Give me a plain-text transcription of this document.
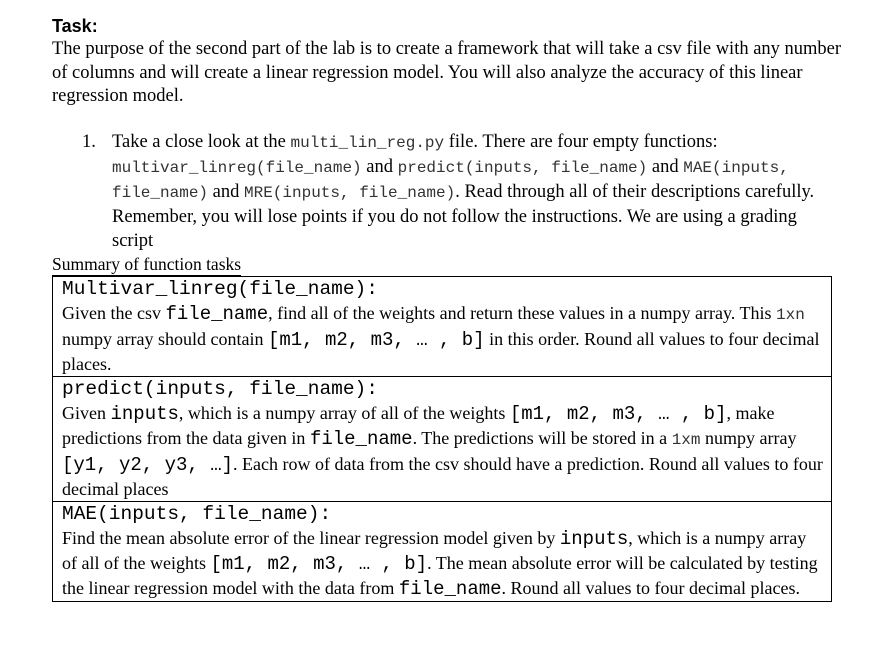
Task:

The purpose of the second part of the lab is to create a framework that will take a csv file with any number of columns and will create a linear regression model. You will also analyze the accuracy of this linear regression model.

1. Take a close look at the multi_lin_reg.py file. There are four empty functions: multivar_linreg(file_name) and predict(inputs, file_name) and MAE(inputs, file_name) and MRE(inputs, file_name). Read through all of their descriptions carefully. Remember, you will lose points if you do not follow the instructions. We are using a grading script

Summary of function tasks

Multivar_linreg(file_name):

Given the csv file_name, find all of the weights and return these values in a numpy array. This 1xn numpy array should contain [m1, m2, m3, … , b] in this order. Round all values to four decimal places.

predict(inputs, file_name):

Given inputs, which is a numpy array of all of the weights [m1, m2, m3, … , b], make predictions from the data given in file_name. The predictions will be stored in a 1xm numpy array [y1, y2, y3, …]. Each row of data from the csv should have a prediction. Round all values to four decimal places

MAE(inputs, file_name):

Find the mean absolute error of the linear regression model given by inputs, which is a numpy array of all of the weights [m1, m2, m3, … , b]. The mean absolute error will be calculated by testing the linear regression model with the data from file_name. Round all values to four decimal places.
